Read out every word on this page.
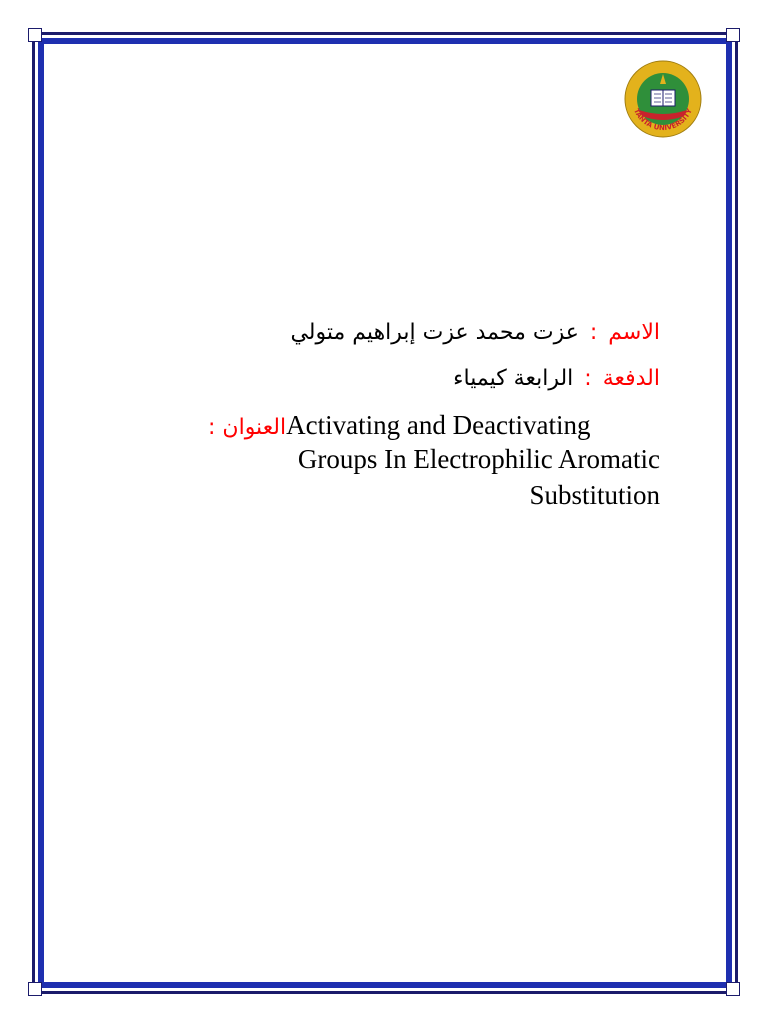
TANTA UNIVERSITY
الاسم : عزت محمد عزت إبراهيم متولي
الدفعة : الرابعة كيمياء
العنوان :	Activating and Deactivating
Groups In Electrophilic Aromatic
Substitution
